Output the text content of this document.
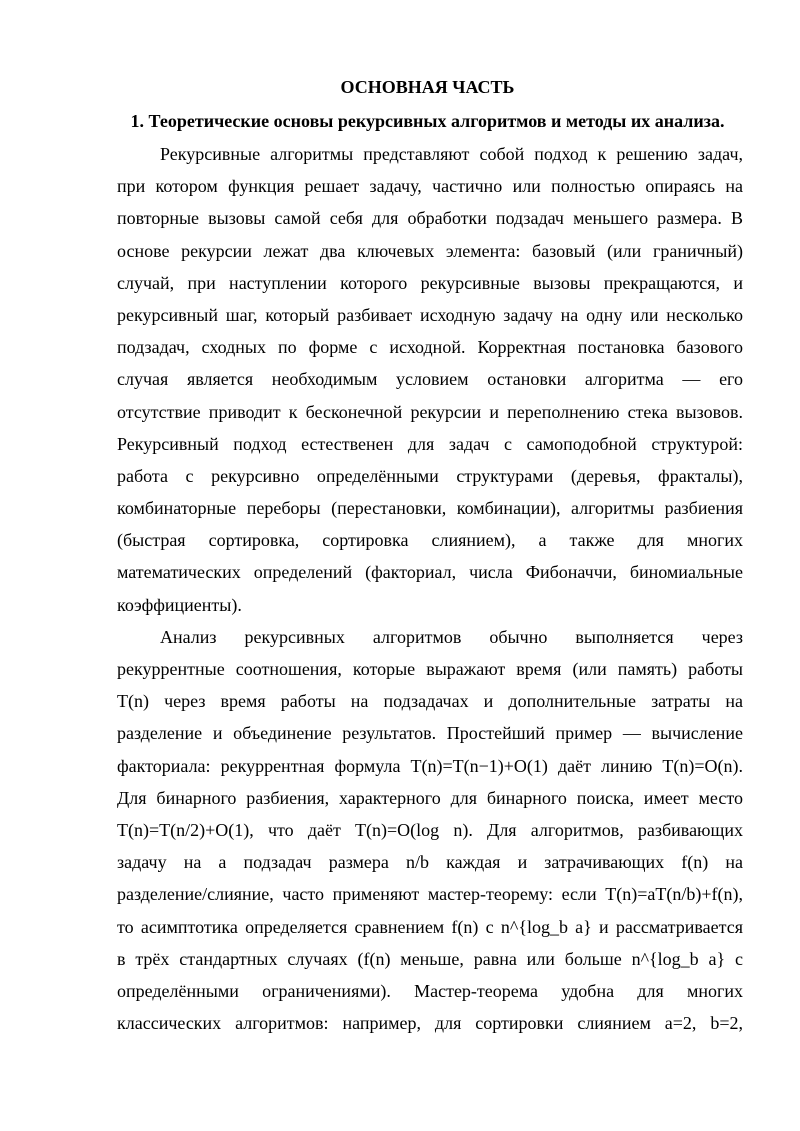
ОСНОВНАЯ ЧАСТЬ
1. Теоретические основы рекурсивных алгоритмов и методы их анализа.
Рекурсивные алгоритмы представляют собой подход к решению задач,
при котором функция решает задачу, частично или полностью опираясь на
повторные вызовы самой себя для обработки подзадач меньшего размера. В
основе рекурсии лежат два ключевых элемента: базовый (или граничный)
случай, при наступлении которого рекурсивные вызовы прекращаются, и
рекурсивный шаг, который разбивает исходную задачу на одну или несколько
подзадач, сходных по форме с исходной. Корректная постановка базового
случая является необходимым условием остановки алгоритма — его
отсутствие приводит к бесконечной рекурсии и переполнению стека вызовов.
Рекурсивный подход естественен для задач с самоподобной структурой:
работа с рекурсивно определёнными структурами (деревья, фракталы),
комбинаторные переборы (перестановки, комбинации), алгоритмы разбиения
(быстрая сортировка, сортировка слиянием), а также для многих
математических определений (факториал, числа Фибоначчи, биномиальные
коэффициенты).
Анализ рекурсивных алгоритмов обычно выполняется через
рекуррентные соотношения, которые выражают время (или память) работы
T(n) через время работы на подзадачах и дополнительные затраты на
разделение и объединение результатов. Простейший пример — вычисление
факториала: рекуррентная формула T(n)=T(n−1)+O(1) даёт линию T(n)=O(n).
Для бинарного разбиения, характерного для бинарного поиска, имеет место
T(n)=T(n/2)+O(1), что даёт T(n)=O(log n). Для алгоритмов, разбивающих
задачу на a подзадач размера n/b каждая и затрачивающих f(n) на
разделение/слияние, часто применяют мастер-теорему: если T(n)=aT(n/b)+f(n),
то асимптотика определяется сравнением f(n) с n^{log_b a} и рассматривается
в трёх стандартных случаях (f(n) меньше, равна или больше n^{log_b a} с
определёнными ограничениями). Мастер-теорема удобна для многих
классических алгоритмов: например, для сортировки слиянием a=2, b=2,
